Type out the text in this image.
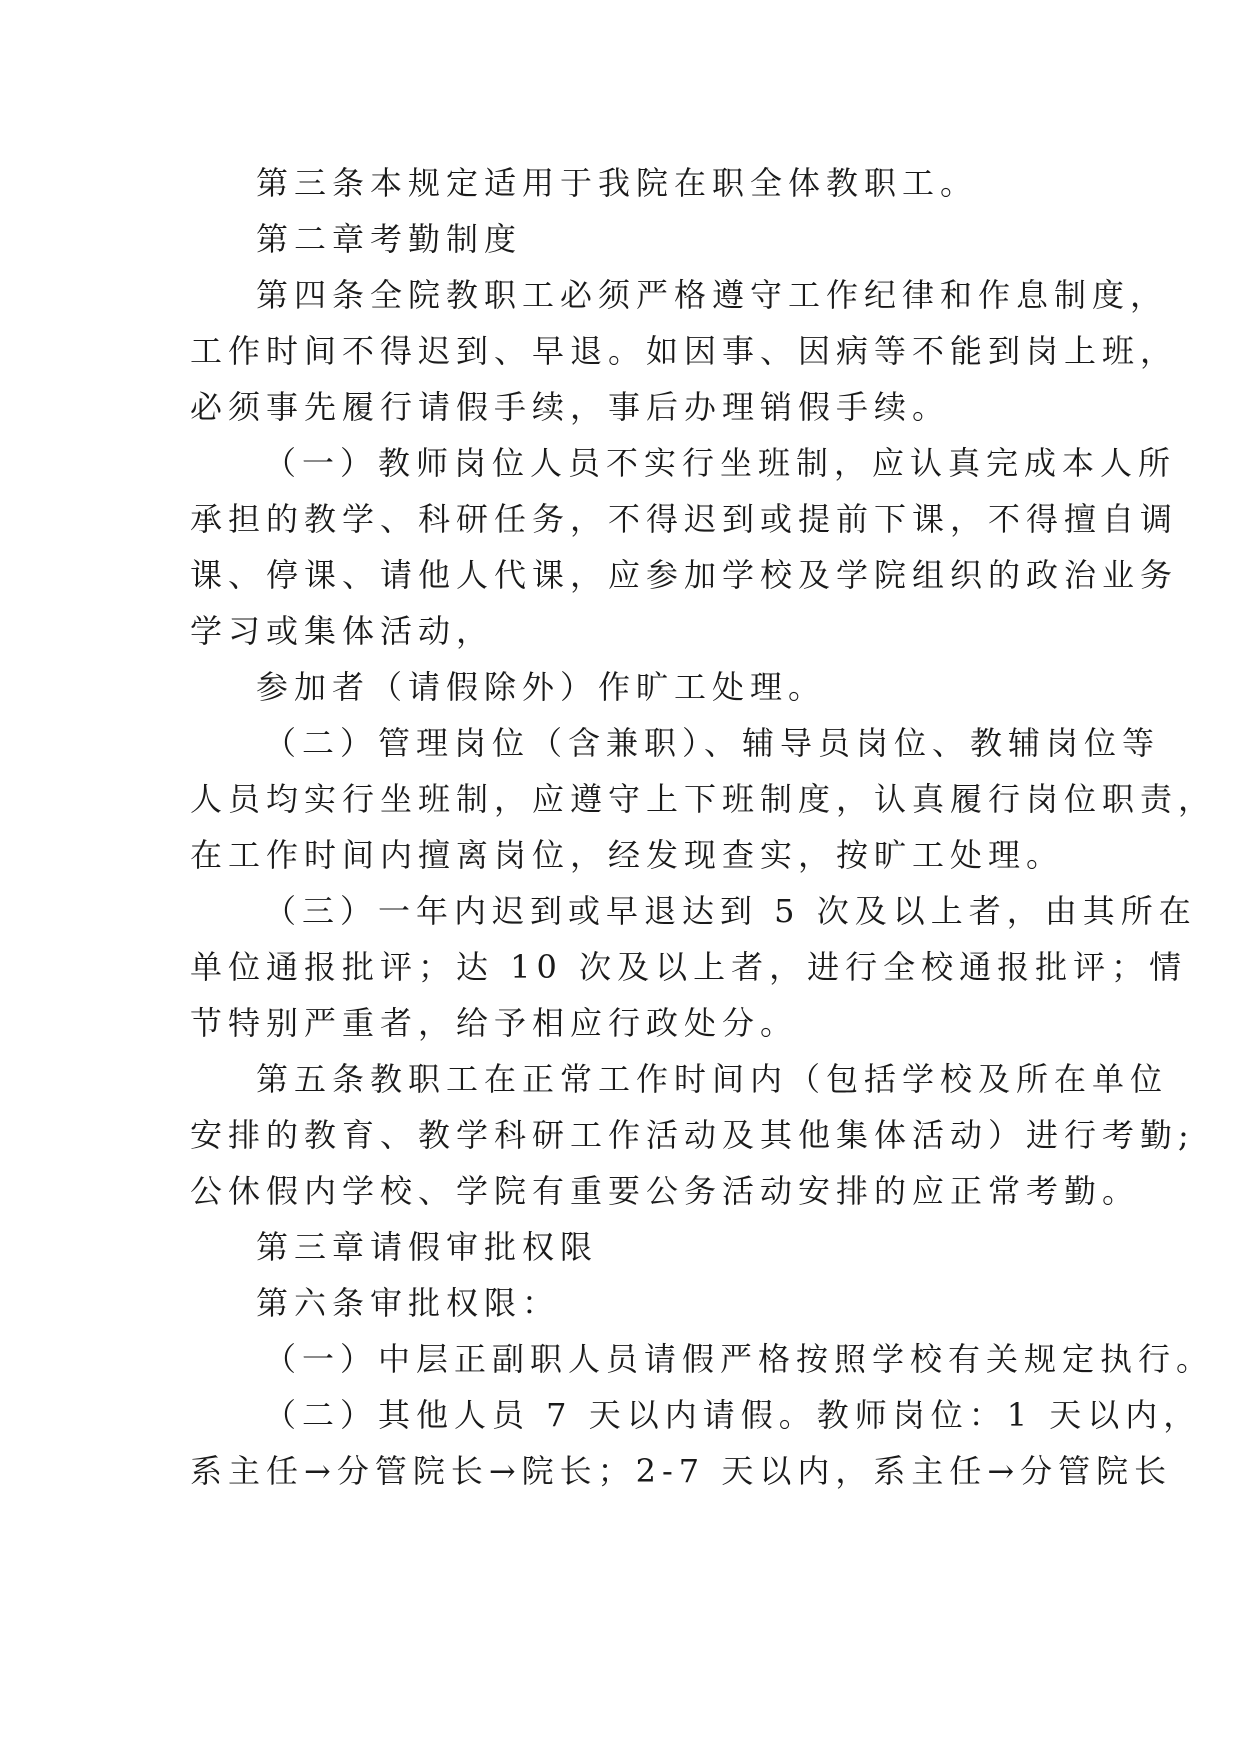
第三条本规定适用于我院在职全体教职工。
第二章考勤制度
第四条全院教职工必须严格遵守工作纪律和作息制度，
工作时间不得迟到、早退。如因事、因病等不能到岗上班，
必须事先履行请假手续，事后办理销假手续。
（一）教师岗位人员不实行坐班制，应认真完成本人所
承担的教学、科研任务，不得迟到或提前下课，不得擅自调
课、停课、请他人代课，应参加学校及学院组织的政治业务
学习或集体活动，
参加者（请假除外）作旷工处理。
（二）管理岗位（含兼职）、辅导员岗位、教辅岗位等
人员均实行坐班制，应遵守上下班制度，认真履行岗位职责，
在工作时间内擅离岗位，经发现查实，按旷工处理。
（三）一年内迟到或早退达到 5 次及以上者，由其所在
单位通报批评；达 10 次及以上者，进行全校通报批评；情
节特别严重者，给予相应行政处分。
第五条教职工在正常工作时间内（包括学校及所在单位
安排的教育、教学科研工作活动及其他集体活动）进行考勤;
公休假内学校、学院有重要公务活动安排的应正常考勤。
第三章请假审批权限
第六条审批权限：
（一）中层正副职人员请假严格按照学校有关规定执行。
（二）其他人员 7 天以内请假。教师岗位：1 天以内，
系主任→分管院长→院长；2-7 天以内，系主任→分管院长
